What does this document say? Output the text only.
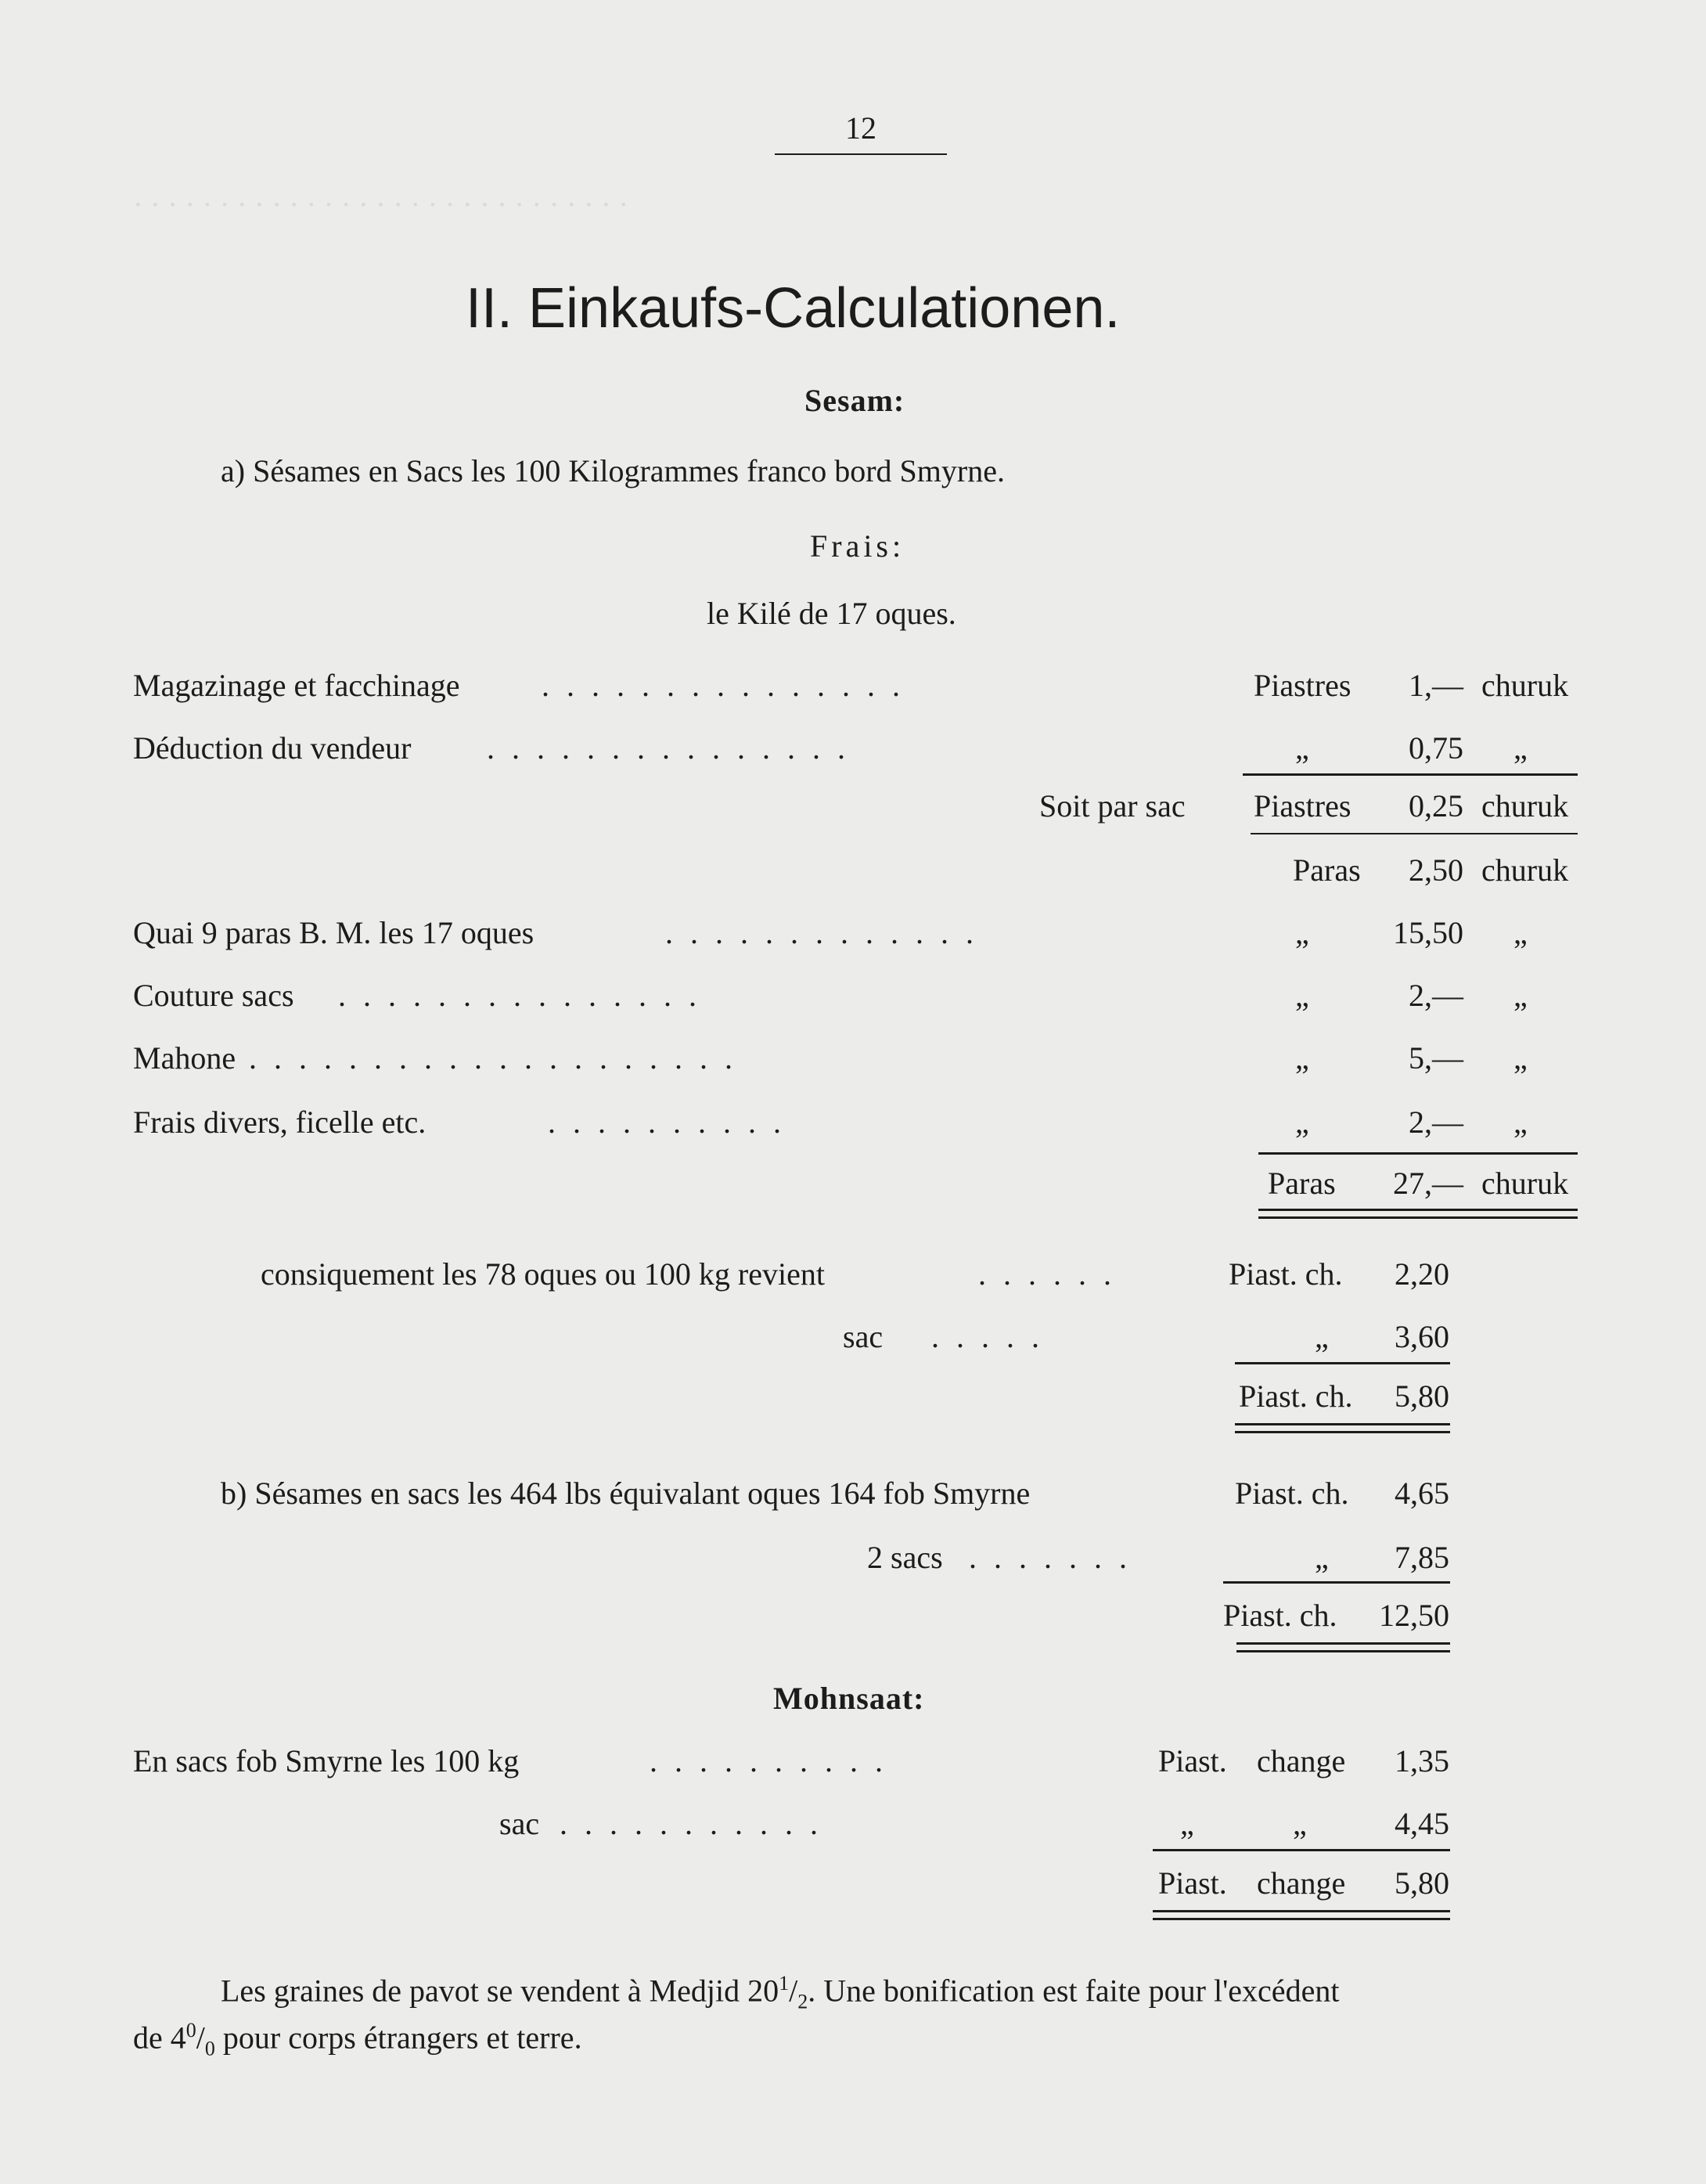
· · · · · · · · · · · · · · · · · · · · · · · · · · · · ·
12
II. Einkaufs-Calculationen.
Sesam:
a) Sésames en Sacs les 100 Kilogrammes franco bord Smyrne.
Frais:
le Kilé de 17 oques.
Magazinage et facchinage	...............	Piastres	1,— churuk
Déduction du vendeur ...............	„	0,75 „
Soit par sac Piastres	0,25 churuk
Paras	2,50 churuk
Quai 9 paras B. M. les 17 oques	.............	„	15,50 „
Couture sacs ...............	„	2,— „
Mahone ....................	„	5,— „
Frais divers, ficelle etc.	..........	„	2,— „
Paras	27,— churuk
consiquement les 78 oques ou 100 kg revient	......	Piast. ch.	2,20
sac .....	„	3,60
Piast. ch.	5,80
b) Sésames en sacs les 464 lbs équivalant oques 164 fob Smyrne	Piast. ch.	4,65
2 sacs .......	„	7,85
Piast. ch.	12,50
Mohnsaat:
En sacs fob Smyrne les 100 kg	..........	Piast. change	1,35
sac ...........	„	„	4,45
Piast. change	5,80
Les graines de pavot se vendent à Medjid $20^1/_2$. Une bonification est faite pour l'excédent
de $4^0/_0$ pour corps étrangers et terre.
